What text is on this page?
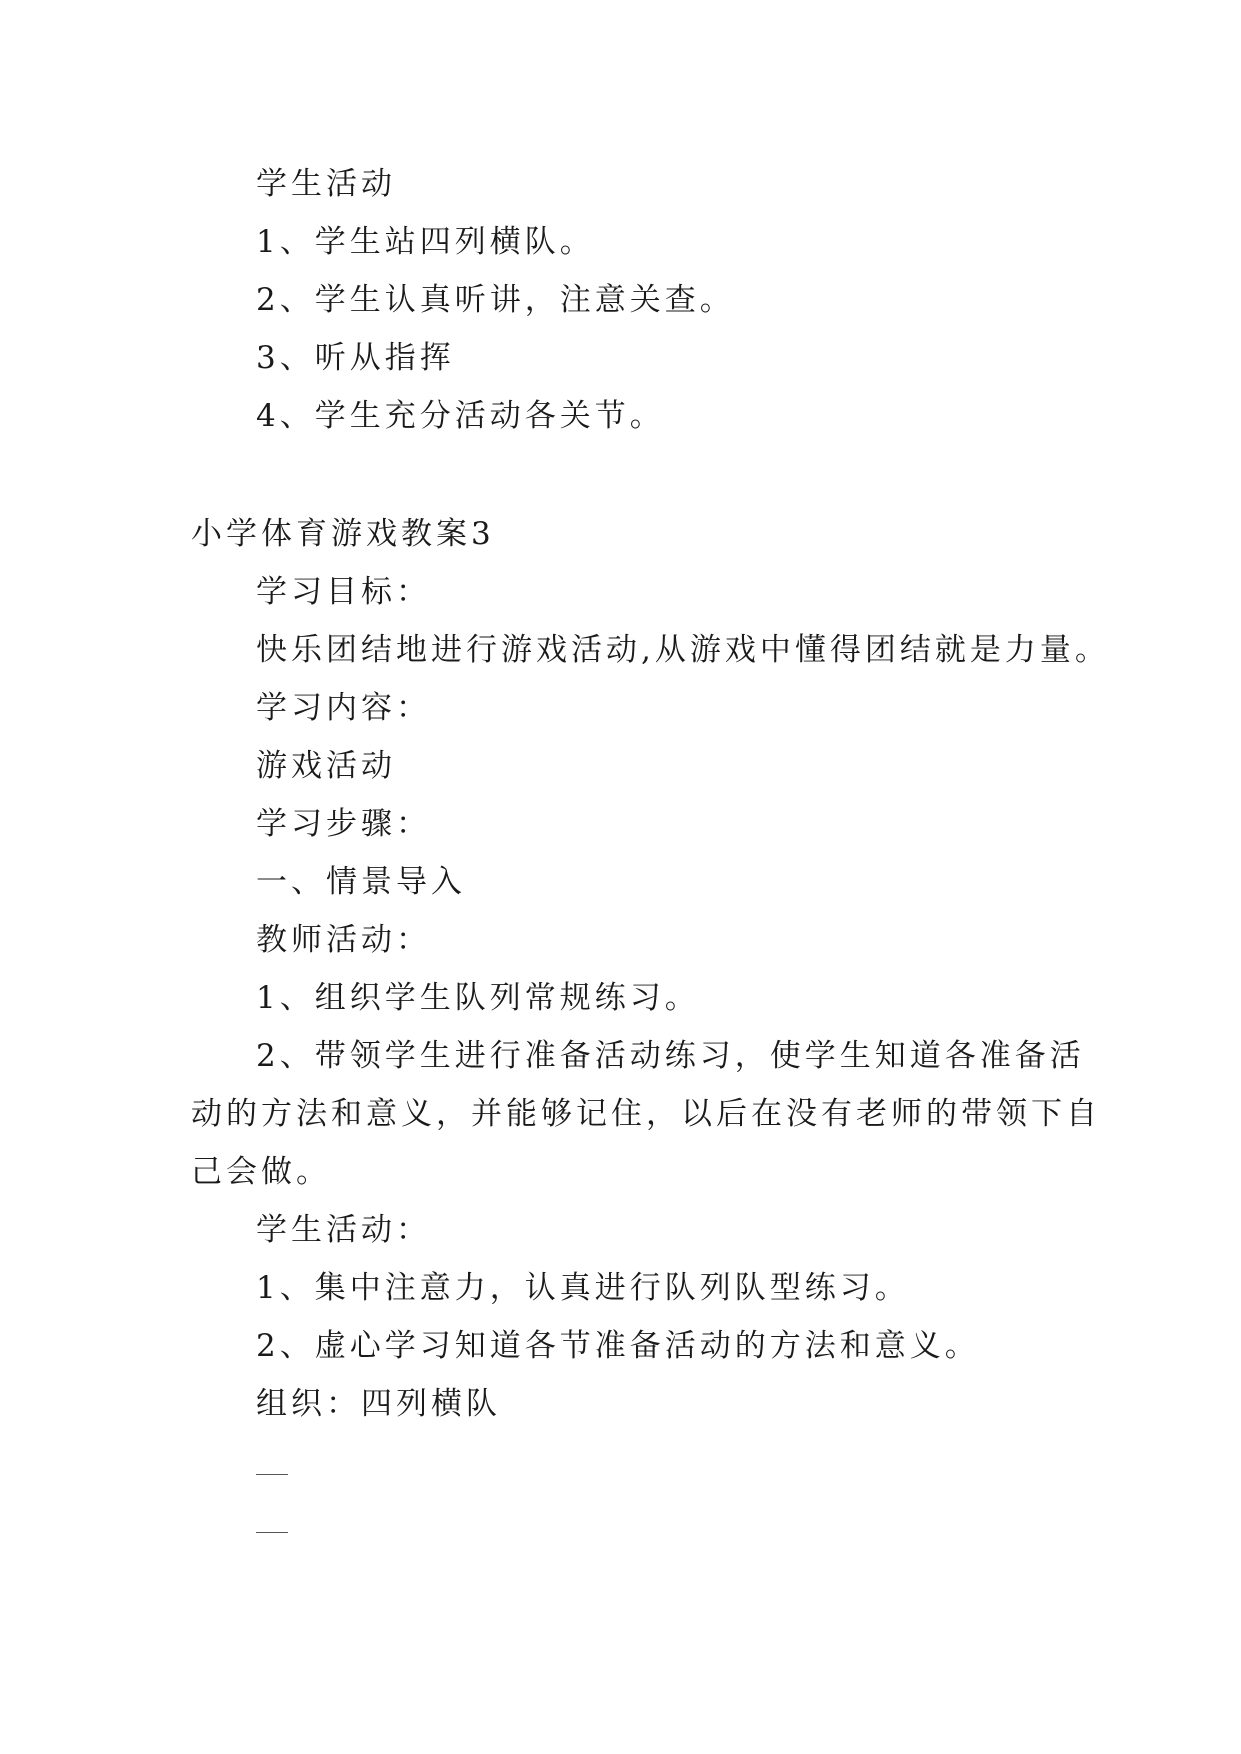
学生活动
1、学生站四列横队。
2、学生认真听讲，注意关查。
3、听从指挥
4、学生充分活动各关节。
小学体育游戏教案3
学习目标：
快乐团结地进行游戏活动,从游戏中懂得团结就是力量。
学习内容：
游戏活动
学习步骤：
一、情景导入
教师活动：
1、组织学生队列常规练习。
2、带领学生进行准备活动练习，使学生知道各准备活
动的方法和意义，并能够记住，以后在没有老师的带领下自
己会做。
学生活动：
1、集中注意力，认真进行队列队型练习。
2、虚心学习知道各节准备活动的方法和意义。
组织：四列横队
